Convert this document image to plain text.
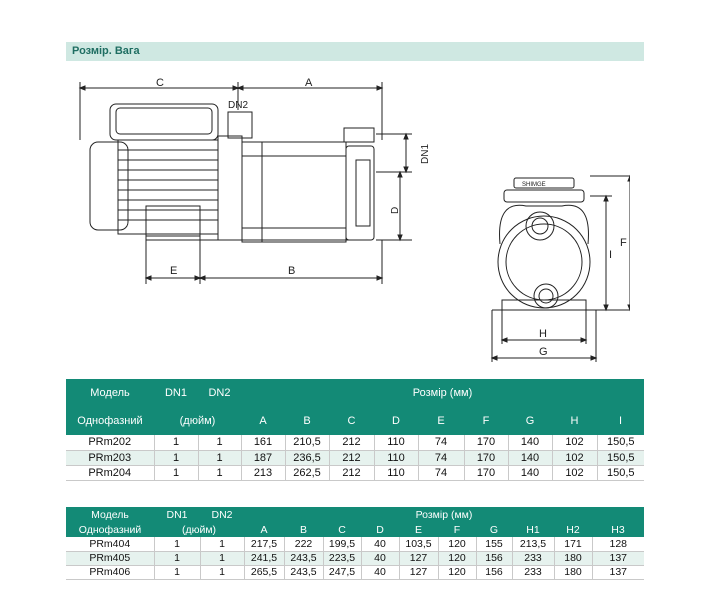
Розмір. Вага
C	A
DN2
E	B
DN1
D
SHIMGE
F
I
H
G
Модель	DN1	DN2	Розмір (мм)								
Однофазний	(дюйм)		A	B	C	D	E	F	G	H	I
PRm202	1	1	161	210,5	212	110	74	170	140	102	150,5
PRm203	1	1	187	236,5	212	110	74	170	140	102	150,5
PRm204	1	1	213	262,5	212	110	74	170	140	102	150,5
Модель	DN1	DN2	Розмір (мм)									
Однофазний	(дюйм)		A	B	C	D	E	F	G	H1	H2	H3
PRm404	1	1	217,5	222	199,5	40	103,5	120	155	213,5	171	128
PRm405	1	1	241,5	243,5	223,5	40	127	120	156	233	180	137
PRm406	1	1	265,5	243,5	247,5	40	127	120	156	233	180	137
